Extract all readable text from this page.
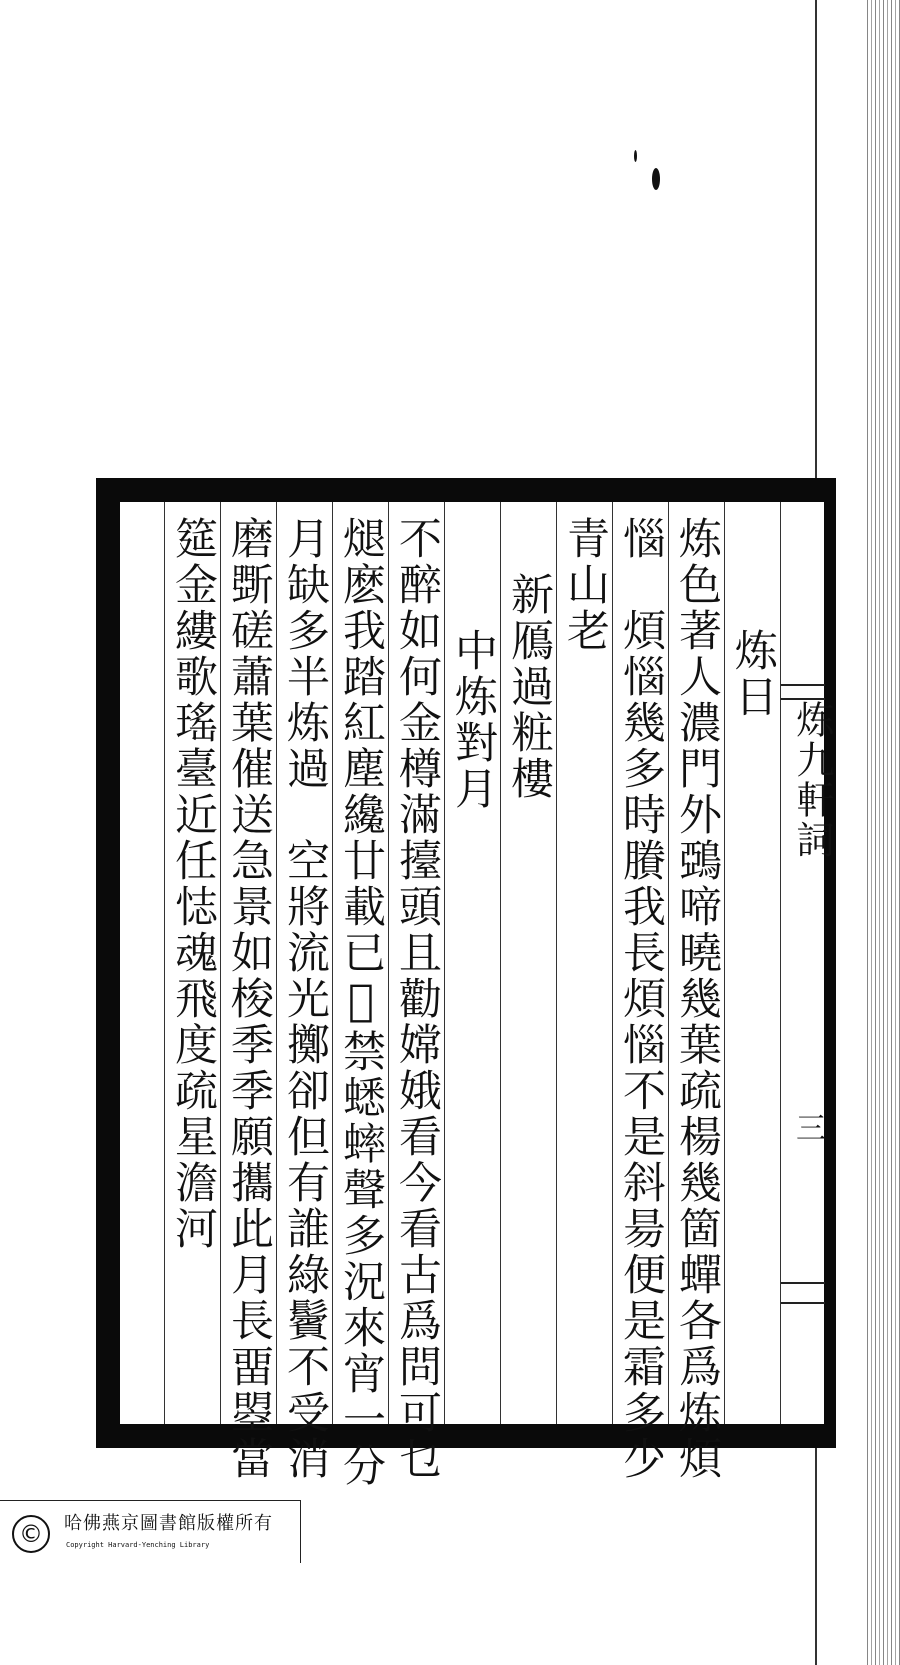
炼九軒詞
三
炼日
炼色著人濃門外鵶啼曉幾葉疏楊幾箇蟬各爲炼煩
惱　煩惱幾多時賸我長煩惱不是斜昜便是霜多少
青山老
新鴈過粧樓
中炼對月
不醉如何金樽滿擡頭且勸嫦娥看今看古爲問可乜
煺麽我踏紅塵纔廿載已𥪡禁蟋蟀聲多況來宵一分
月缺多半炼過　空將流光擲卻但有誰綠鬢不受消
磨斲磋蕭葉催送急景如梭季季願攜此月長畱曌當
筵金縷歌瑤臺近任𢙺魂飛度疏星澹河
©	哈佛燕京圖書館版權所有
Copyright Harvard-Yenching Library
